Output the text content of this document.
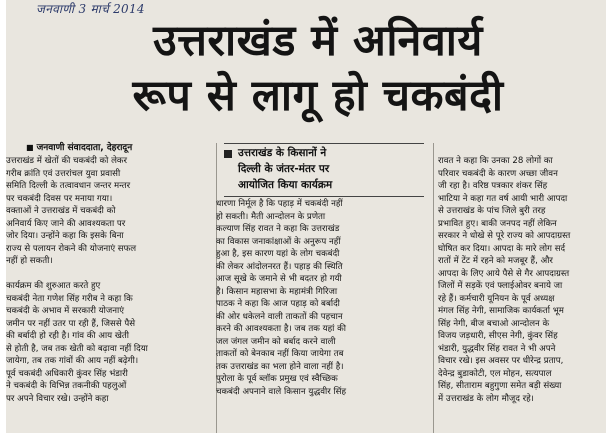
जनवाणी 3 मार्च 2014
उत्तराखंड में अनिवार्य
रूप से लागू हो चकबंदी
■ जनवाणी संवाददाता, देहरादून	उत्तराखंड के किसानों ने
दिल्ली के जंतर-मंतर पर
आयोजित किया कार्यक्रम
उत्तराखंड में खेतों की चकबंदी को लेकर
गरीब क्रांति एवं उत्तरांचल युवा प्रवासी
समिति दिल्ली के तत्वावधान जन्तर मन्तर
पर चकबंदी दिवस पर मनाया गया।
वक्ताओं ने उत्तराखंड में चकबंदी को
अनिवार्य किए जाने की आवश्यकता पर
जोर दिया। उन्होंने कहा कि इसके बिना
राज्य से पलायन रोकने की योजनाएं सफल
नहीं हो सकती।
कार्यक्रम की शुरुआत करते हुए
चकबंदी नेता गणेश सिंह गरीब ने कहा कि
चकबंदी के अभाव में सरकारी योजनाएं
जमीन पर नहीं उतर पा रही हैं, जिससे पैसे
की बर्बादी हो रही है। गांव की आय खेती
से होती है, जब तक खेती को बढ़ावा नहीं दिया
जायेगा, तब तक गांवों की आय नहीं बढ़ेगी।
पूर्व चकबंदी अधिकारी कुंवर सिंह भंडारी
ने चकबंदी के विभिन्न तकनीकी पहलुओं
पर अपने विचार रखे। उन्होंने कहा
धारणा निर्मूल है कि पहाड़ में चकबंदी नहीं
हो सकती। मैती आन्दोलन के प्रणेता
कल्याण सिंह रावत ने कहा कि उत्तराखंड
का विकास जनाकांक्षाओं के अनुरूप नहीं
हुआ है, इस कारण यहां के लोग चकबंदी
की लेकर आंदोलनरत हैं। पहाड़ की स्थिति
आज सूखे के जमाने से भी बदतर हो गयी
है। किसान महासभा के महामंत्री गिरिजा
पाठक ने कहा कि आज पहाड़ को बर्बादी
की ओर धकेलने वाली ताकतों की पहचान
करने की आवश्यकता है। जब तक यहां की
जल जंगल जमीन को बर्बाद करने वाली
ताकतों को बेनकाब नहीं किया जायेगा तब
तक उत्तराखंड का भला होने वाला नहीं है।
पुरोला के पूर्व ब्लॉक प्रमुख एवं स्वैच्छिक
चकबंदी अपनाने वाले किसान युद्धवीर सिंह
रावत ने कहा कि उनका 28 लोगों का
परिवार चकबंदी के कारण अच्छा जीवन
जी रहा है। वरिष्ठ पत्रकार शंकर सिंह
भाटिया ने कहा गत वर्ष आयी भारी आपदा
से उत्तराखंड के पांच जिले बुरी तरह
प्रभावित हुए। बाकी जनपद नहीं लेकिन
सरकार ने धोखे से पूरे राज्य को आपदाग्रस्त
घोषित कर दिया। आपदा के मारे लोग सर्द
रातों में टेंट में रहने को मजबूर हैं, और
आपदा के लिए आये पैसे से गैर आपदाग्रस्त
जिलों में सड़कें एवं फ्लाईओवर बनाये जा
रहे हैं। कर्मचारी यूनियन के पूर्व अध्यक्ष
मंगल सिंह नेगी, सामाजिक कार्यकर्ता भूम
सिंह नेगी, बीज बचाओ आन्दोलन के
विजय जड़धारी, सीएस नेगी, कुंवर सिंह
भंडारी, युद्धवीर सिंह रावत ने भी अपने
विचार रखे। इस अवसर पर धीरेन्द्र प्रताप,
देवेन्द्र बुडाकोटी, एल मोहन, सत्यपाल
सिंह, सीताराम बहुगुणा समेत बड़ी संख्या
में उत्तराखंड के लोग मौजूद रहे।
